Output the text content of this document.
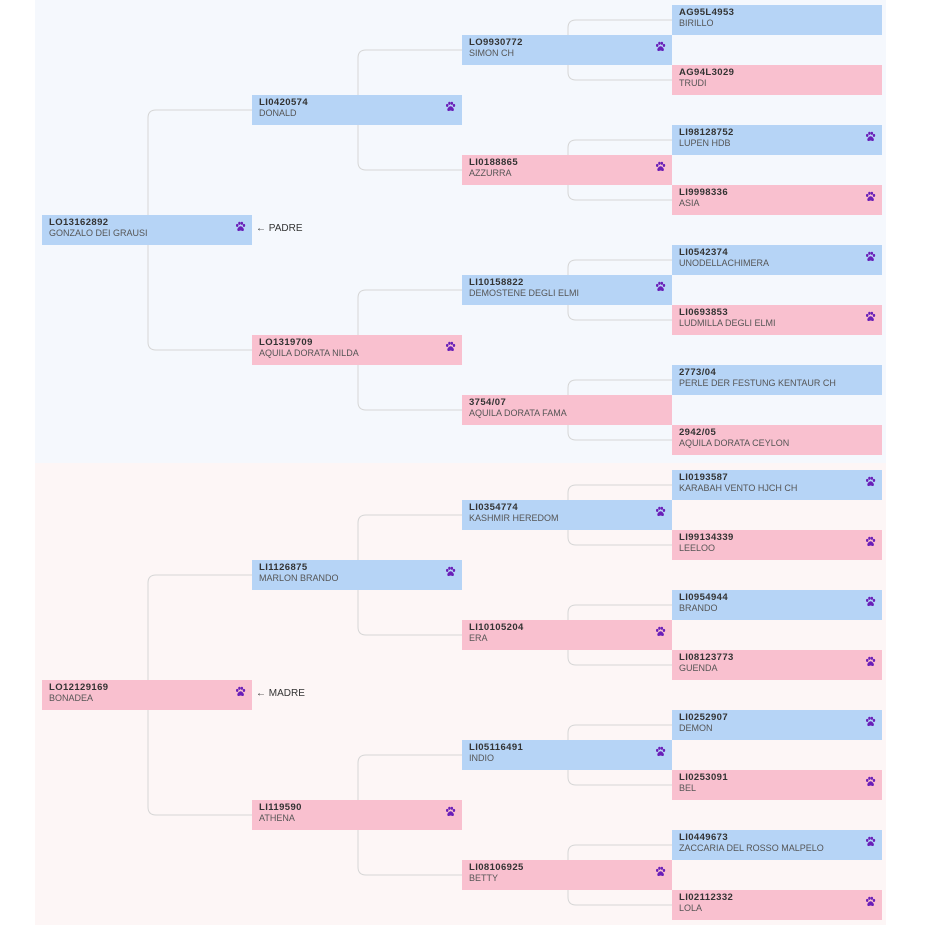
← PADRE
← MADRE
LO13162892
GONZALO DEI GRAUSI
LI0420574
DONALD
LO9930772
SIMON CH
AG95L4953
BIRILLO
AG94L3029
TRUDI
LI0188865
AZZURRA
LI98128752
LUPEN HDB
LI9998336
ASIA
LO1319709
AQUILA DORATA NILDA
LI10158822
DEMOSTENE DEGLI ELMI
LI0542374
UNODELLACHIMERA
LI0693853
LUDMILLA DEGLI ELMI
3754/07
AQUILA DORATA FAMA
2773/04
PERLE DER FESTUNG KENTAUR CH
2942/05
AQUILA DORATA CEYLON
LO12129169
BONADEA
LI1126875
MARLON BRANDO
LI0354774
KASHMIR HEREDOM
LI0193587
KARABAH VENTO HJCH CH
LI99134339
LEELOO
LI10105204
ERA
LI0954944
BRANDO
LI08123773
GUENDA
LI119590
ATHENA
LI05116491
INDIO
LI0252907
DEMON
LI0253091
BEL
LI08106925
BETTY
LI0449673
ZACCARIA DEL ROSSO MALPELO
LI02112332
LOLA
